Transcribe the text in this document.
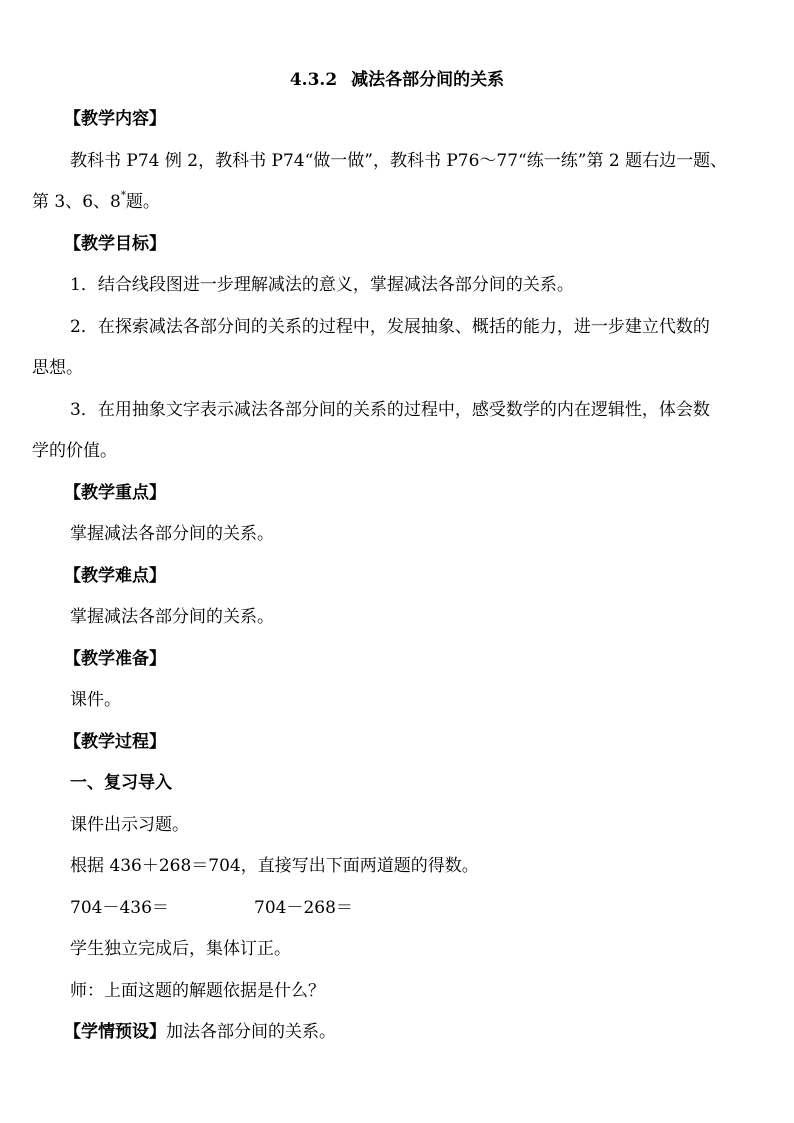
4.3.2 减法各部分间的关系
【教学内容】
教科书 P74 例 2，教科书 P74“做一做”，教科书 P76～77“练一练”第 2 题右边一题、
第 3、6、8*题。
【教学目标】
1．结合线段图进一步理解减法的意义，掌握减法各部分间的关系。
2．在探索减法各部分间的关系的过程中，发展抽象、概括的能力，进一步建立代数的
思想。
3．在用抽象文字表示减法各部分间的关系的过程中，感受数学的内在逻辑性，体会数
学的价值。
【教学重点】
掌握减法各部分间的关系。
【教学难点】
掌握减法各部分间的关系。
【教学准备】
课件。
【教学过程】
一、复习导入
课件出示习题。
根据 436＋268＝704，直接写出下面两道题的得数。
704－436＝	704－268＝
学生独立完成后，集体订正。
师：上面这题的解题依据是什么？
【学情预设】加法各部分间的关系。
